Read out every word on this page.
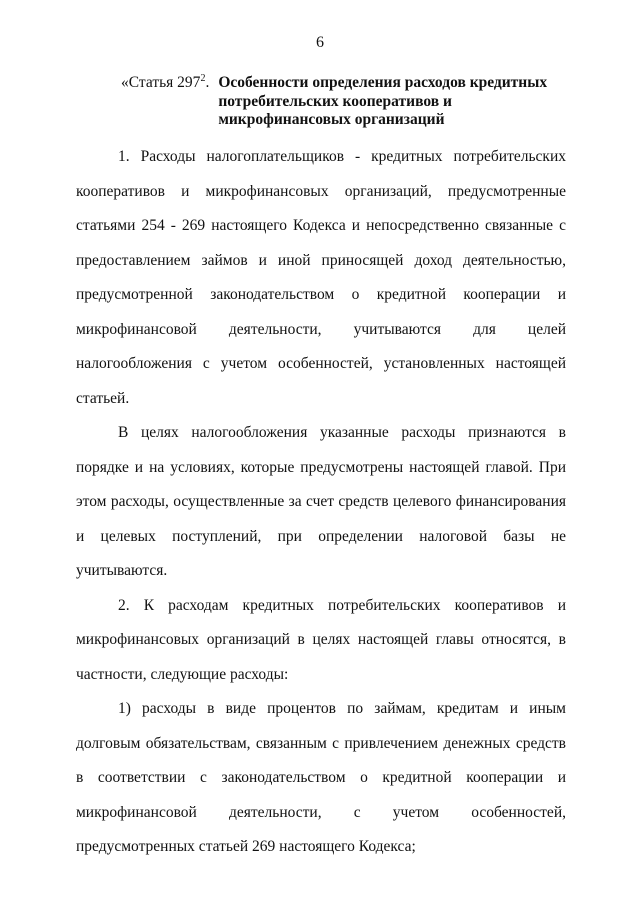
6
«Статья $297^2$. Особенности определения расходов кредитных потребительских кооперативов и микрофинансовых организаций

1. Расходы налогоплательщиков - кредитных потребительских кооперативов и микрофинансовых организаций, предусмотренные статьями 254 - 269 настоящего Кодекса и непосредственно связанные с предоставлением займов и иной приносящей доход деятельностью, предусмотренной законодательством о кредитной кооперации и микрофинансовой деятельности, учитываются для целей налогообложения с учетом особенностей, установленных настоящей статьей.

В целях налогообложения указанные расходы признаются в порядке и на условиях, которые предусмотрены настоящей главой. При этом расходы, осуществленные за счет средств целевого финансирования и целевых поступлений, при определении налоговой базы не учитываются.

2. К расходам кредитных потребительских кооперативов и микрофинансовых организаций в целях настоящей главы относятся, в частности, следующие расходы:

1) расходы в виде процентов по займам, кредитам и иным долговым обязательствам, связанным с привлечением денежных средств в соответствии с законодательством о кредитной кооперации и микрофинансовой деятельности, с учетом особенностей, предусмотренных статьей 269 настоящего Кодекса;
